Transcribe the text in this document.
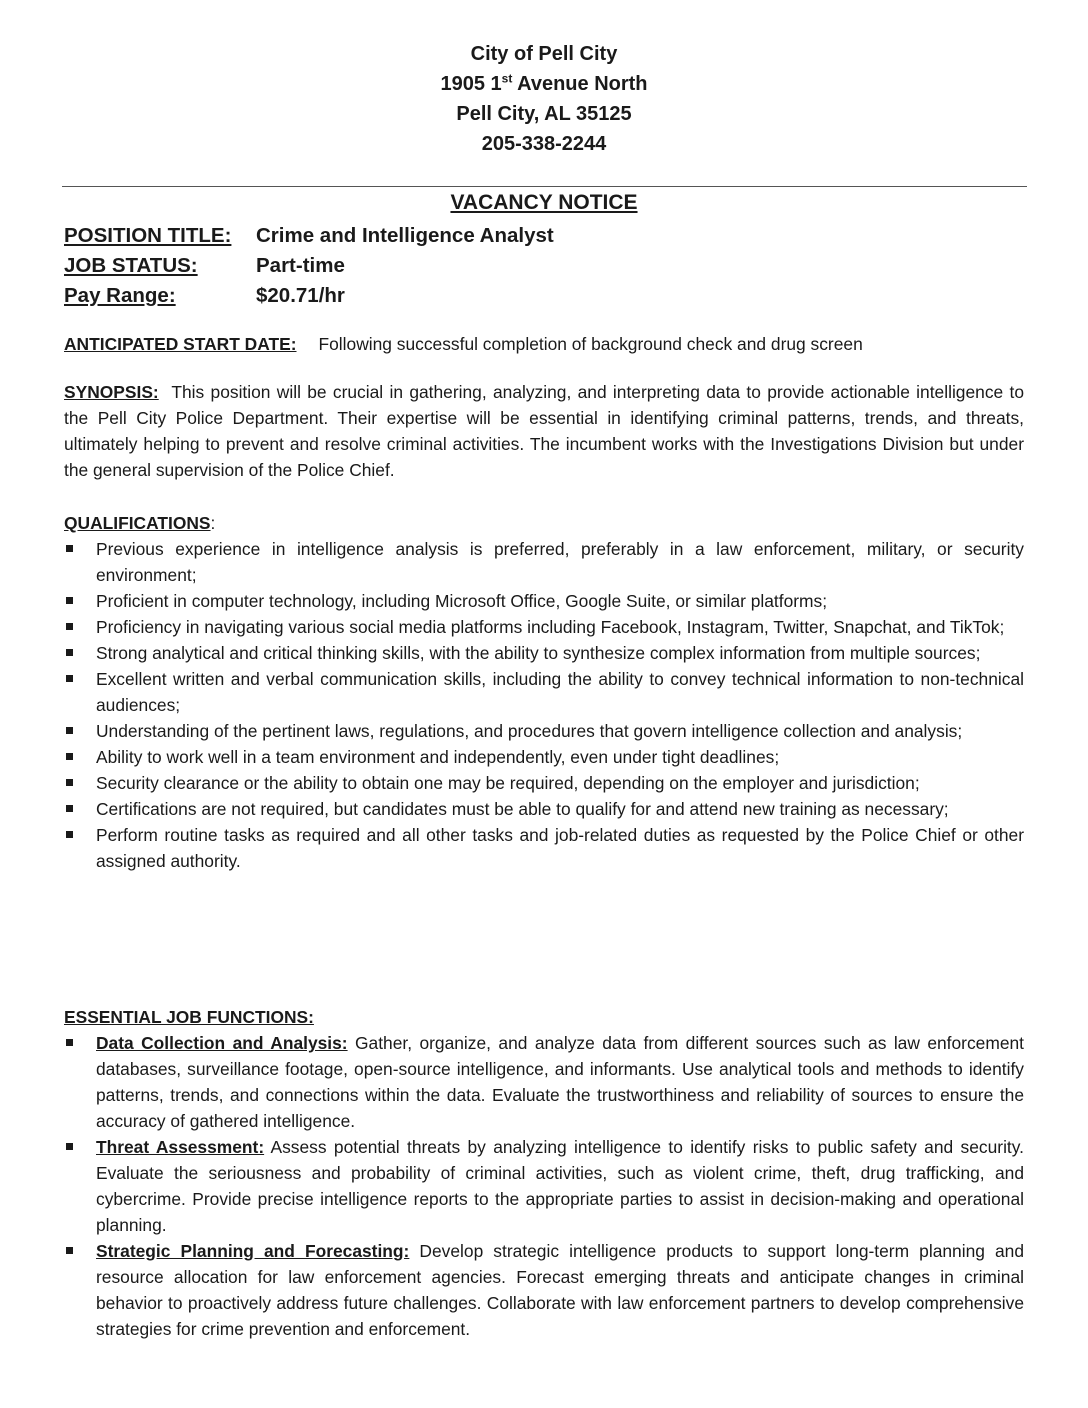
City of Pell City
1905 1st Avenue North
Pell City, AL 35125
205-338-2244
VACANCY NOTICE
POSITION TITLE:	Crime and Intelligence Analyst
JOB STATUS:	Part-time
Pay Range:	$20.71/hr
ANTICIPATED START DATE: Following successful completion of background check and drug screen
SYNOPSIS: This position will be crucial in gathering, analyzing, and interpreting data to provide actionable intelligence to the Pell City Police Department. Their expertise will be essential in identifying criminal patterns, trends, and threats, ultimately helping to prevent and resolve criminal activities. The incumbent works with the Investigations Division but under the general supervision of the Police Chief.
QUALIFICATIONS:
Previous experience in intelligence analysis is preferred, preferably in a law enforcement, military, or security environment;
Proficient in computer technology, including Microsoft Office, Google Suite, or similar platforms;
Proficiency in navigating various social media platforms including Facebook, Instagram, Twitter, Snapchat, and TikTok;
Strong analytical and critical thinking skills, with the ability to synthesize complex information from multiple sources;
Excellent written and verbal communication skills, including the ability to convey technical information to non-technical audiences;
Understanding of the pertinent laws, regulations, and procedures that govern intelligence collection and analysis;
Ability to work well in a team environment and independently, even under tight deadlines;
Security clearance or the ability to obtain one may be required, depending on the employer and jurisdiction;
Certifications are not required, but candidates must be able to qualify for and attend new training as necessary;
Perform routine tasks as required and all other tasks and job-related duties as requested by the Police Chief or other assigned authority.
ESSENTIAL JOB FUNCTIONS:
Data Collection and Analysis: Gather, organize, and analyze data from different sources such as law enforcement databases, surveillance footage, open-source intelligence, and informants. Use analytical tools and methods to identify patterns, trends, and connections within the data. Evaluate the trustworthiness and reliability of sources to ensure the accuracy of gathered intelligence.
Threat Assessment: Assess potential threats by analyzing intelligence to identify risks to public safety and security. Evaluate the seriousness and probability of criminal activities, such as violent crime, theft, drug trafficking, and cybercrime. Provide precise intelligence reports to the appropriate parties to assist in decision-making and operational planning.
Strategic Planning and Forecasting: Develop strategic intelligence products to support long-term planning and resource allocation for law enforcement agencies. Forecast emerging threats and anticipate changes in criminal behavior to proactively address future challenges. Collaborate with law enforcement partners to develop comprehensive strategies for crime prevention and enforcement.
